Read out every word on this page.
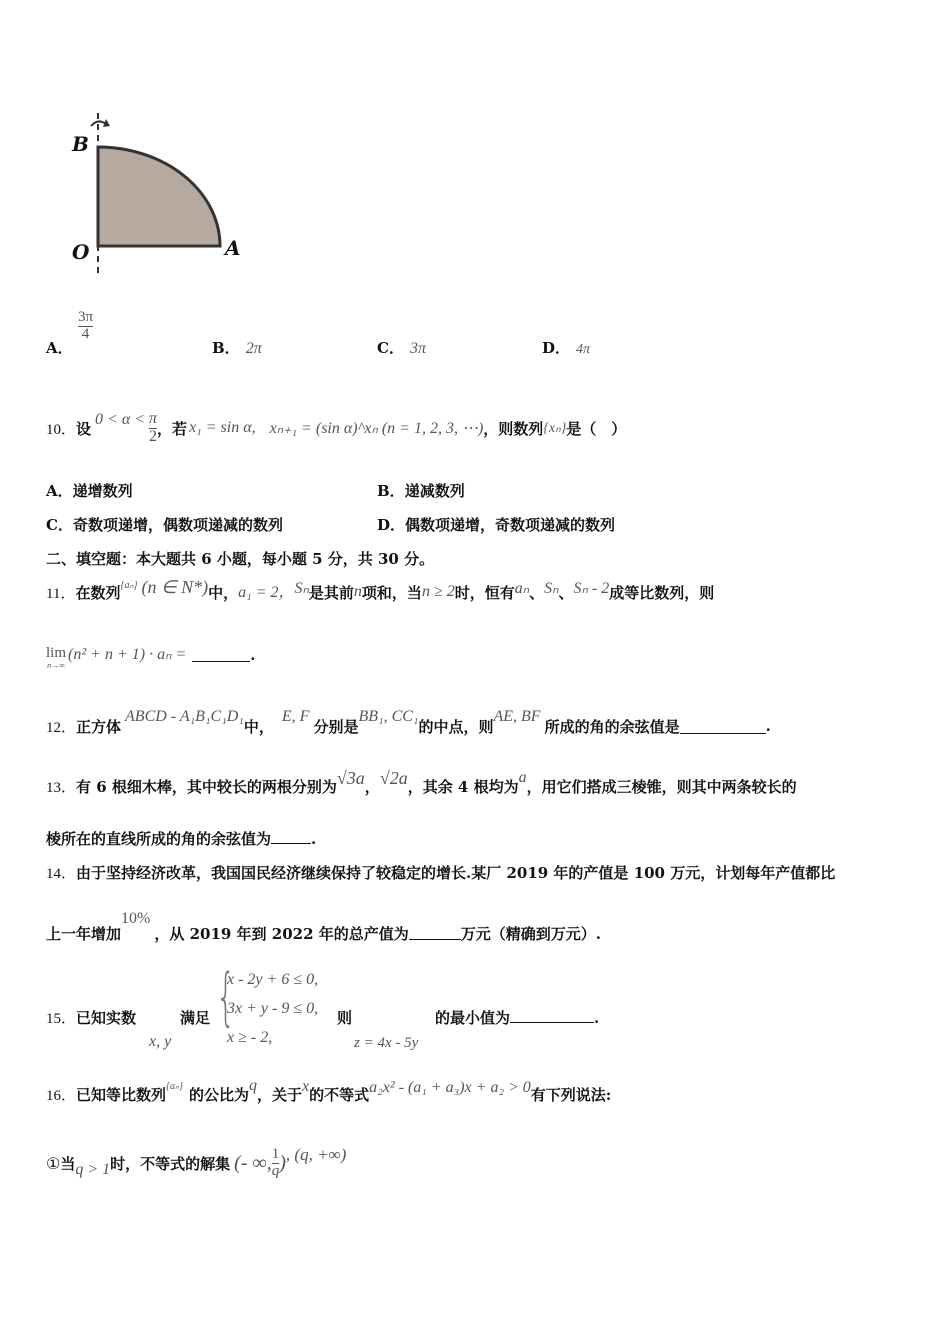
B
O	A
A．
$\frac{3\pi}{4}$
B． 2π	C． 3π	D． 4π
10． 设 $0 < \alpha < \frac{\pi}{2}$ ，若 x₁ = sin α, xₙ₊₁ = (sin α)^xₙ (n = 1, 2, 3, ⋯) ，则数列 {xₙ} 是（　）
A．递增数列	B．递减数列
C．奇数项递增，偶数项递减的数列	D．偶数项递增，奇数项递减的数列
二、填空题：本大题共 6 小题，每小题 5 分，共 30 分。
11． 在数列 {aₙ} (n ∈ N*) 中， a₁ = 2， Sₙ 是其前 n 项和，当 n ≥ 2 时，恒有 aₙ 、 Sₙ 、 Sₙ - 2 成等比数列，则
lim
n→∞
(n² + n + 1) · aₙ =	.
12． 正方体
ABCD - A₁B₁C₁D₁
中，
E, F
分别是
BB₁, CC₁
的中点，则
AE, BF
所成的角的余弦值是	.
13． 有 6 根细木棒，其中较长的两根分别为 √3a ， √2a ，其余 4 根均为 a ，用它们搭成三棱锥，则其中两条较长的
棱所在的直线所成的角的余弦值为	.
14．由于坚持经济改革，我国国民经济继续保持了较稳定的增长.某厂 2019 年的产值是 100 万元，计划每年产值都比
上一年增加
10%
，从 2019 年到 2022 年的总产值为	万元（精确到万元）.
15．已知实数	满足
x, y
{
x - 2y + 6 ≤ 0,
3x + y - 9 ≤ 0,
x ≥ - 2,
则
z = 4x - 5y
的最小值为	.
16． 已知等比数列 {aₙ} 的公比为 q ，关于 x 的不等式 a₂x² - (a₁ + a₃)x + a₂ > 0 有下列说法:
① 当 q > 1 时，不等式的解集 (- ∞, $\frac{1}{q}$ ) , (q, +∞)
